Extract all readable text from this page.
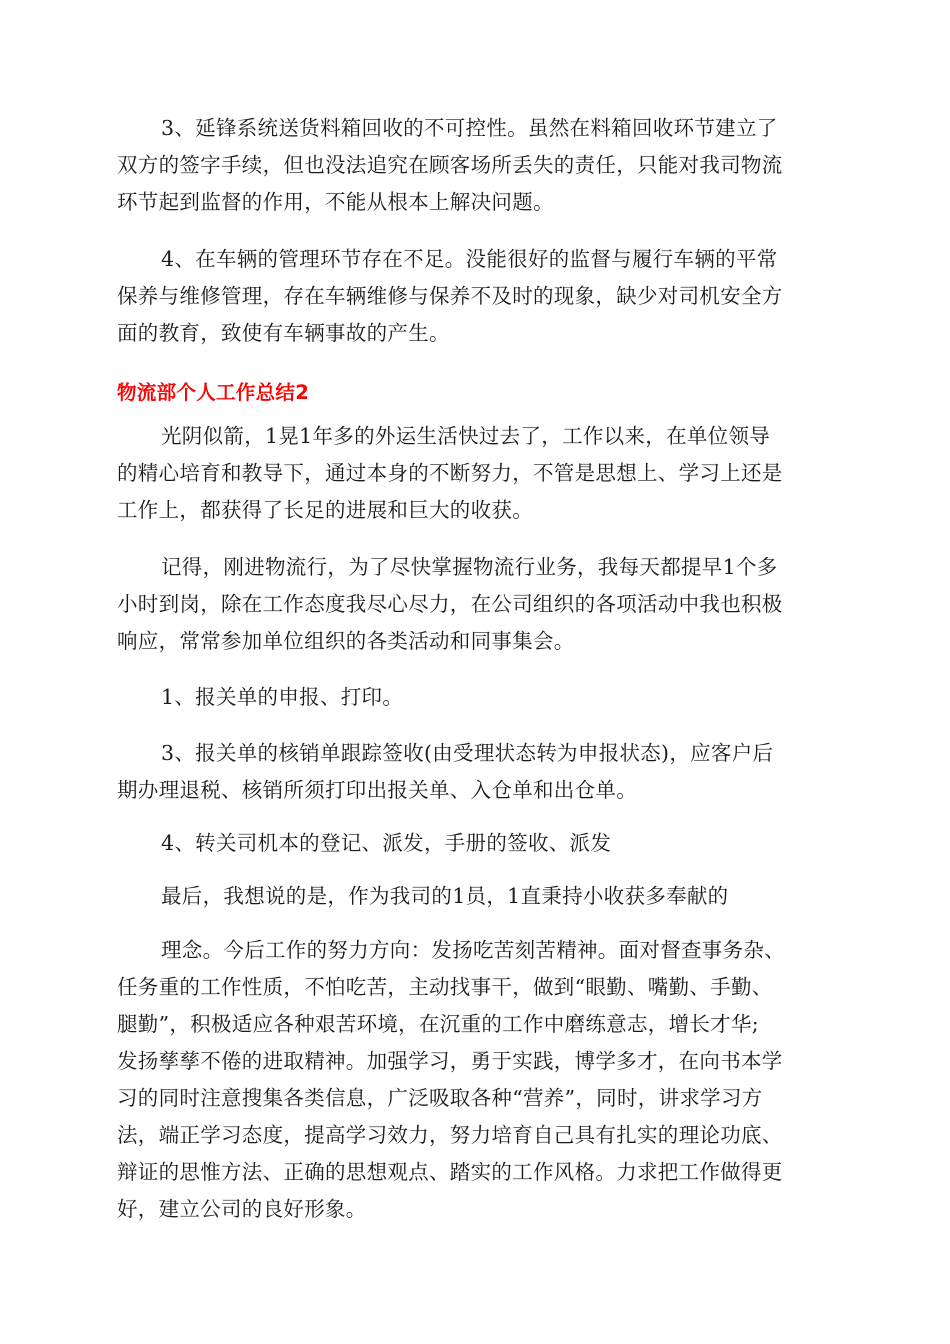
3、延锋系统送货料箱回收的不可控性。虽然在料箱回收环节建立了
双方的签字手续，但也没法追究在顾客场所丢失的责任，只能对我司物流
环节起到监督的作用，不能从根本上解决问题。
4、在车辆的管理环节存在不足。没能很好的监督与履行车辆的平常
保养与维修管理，存在车辆维修与保养不及时的现象，缺少对司机安全方
面的教育，致使有车辆事故的产生。
物流部个人工作总结2
光阴似箭，1晃1年多的外运生活快过去了，工作以来，在单位领导
的精心培育和教导下，通过本身的不断努力，不管是思想上、学习上还是
工作上，都获得了长足的进展和巨大的收获。
记得，刚进物流行，为了尽快掌握物流行业务，我每天都提早1个多
小时到岗，除在工作态度我尽心尽力，在公司组织的各项活动中我也积极
响应，常常参加单位组织的各类活动和同事集会。
1、报关单的申报、打印。
3、报关单的核销单跟踪签收(由受理状态转为申报状态)，应客户后
期办理退税、核销所须打印出报关单、入仓单和出仓单。
4、转关司机本的登记、派发，手册的签收、派发
最后，我想说的是，作为我司的1员，1直秉持小收获多奉献的
理念。今后工作的努力方向：发扬吃苦刻苦精神。面对督查事务杂、
任务重的工作性质，不怕吃苦，主动找事干，做到“眼勤、嘴勤、手勤、
腿勤”，积极适应各种艰苦环境，在沉重的工作中磨练意志，增长才华;
发扬孳孳不倦的进取精神。加强学习，勇于实践，博学多才，在向书本学
习的同时注意搜集各类信息，广泛吸取各种“营养”，同时，讲求学习方
法，端正学习态度，提高学习效力，努力培育自己具有扎实的理论功底、
辩证的思惟方法、正确的思想观点、踏实的工作风格。力求把工作做得更
好，建立公司的良好形象。
